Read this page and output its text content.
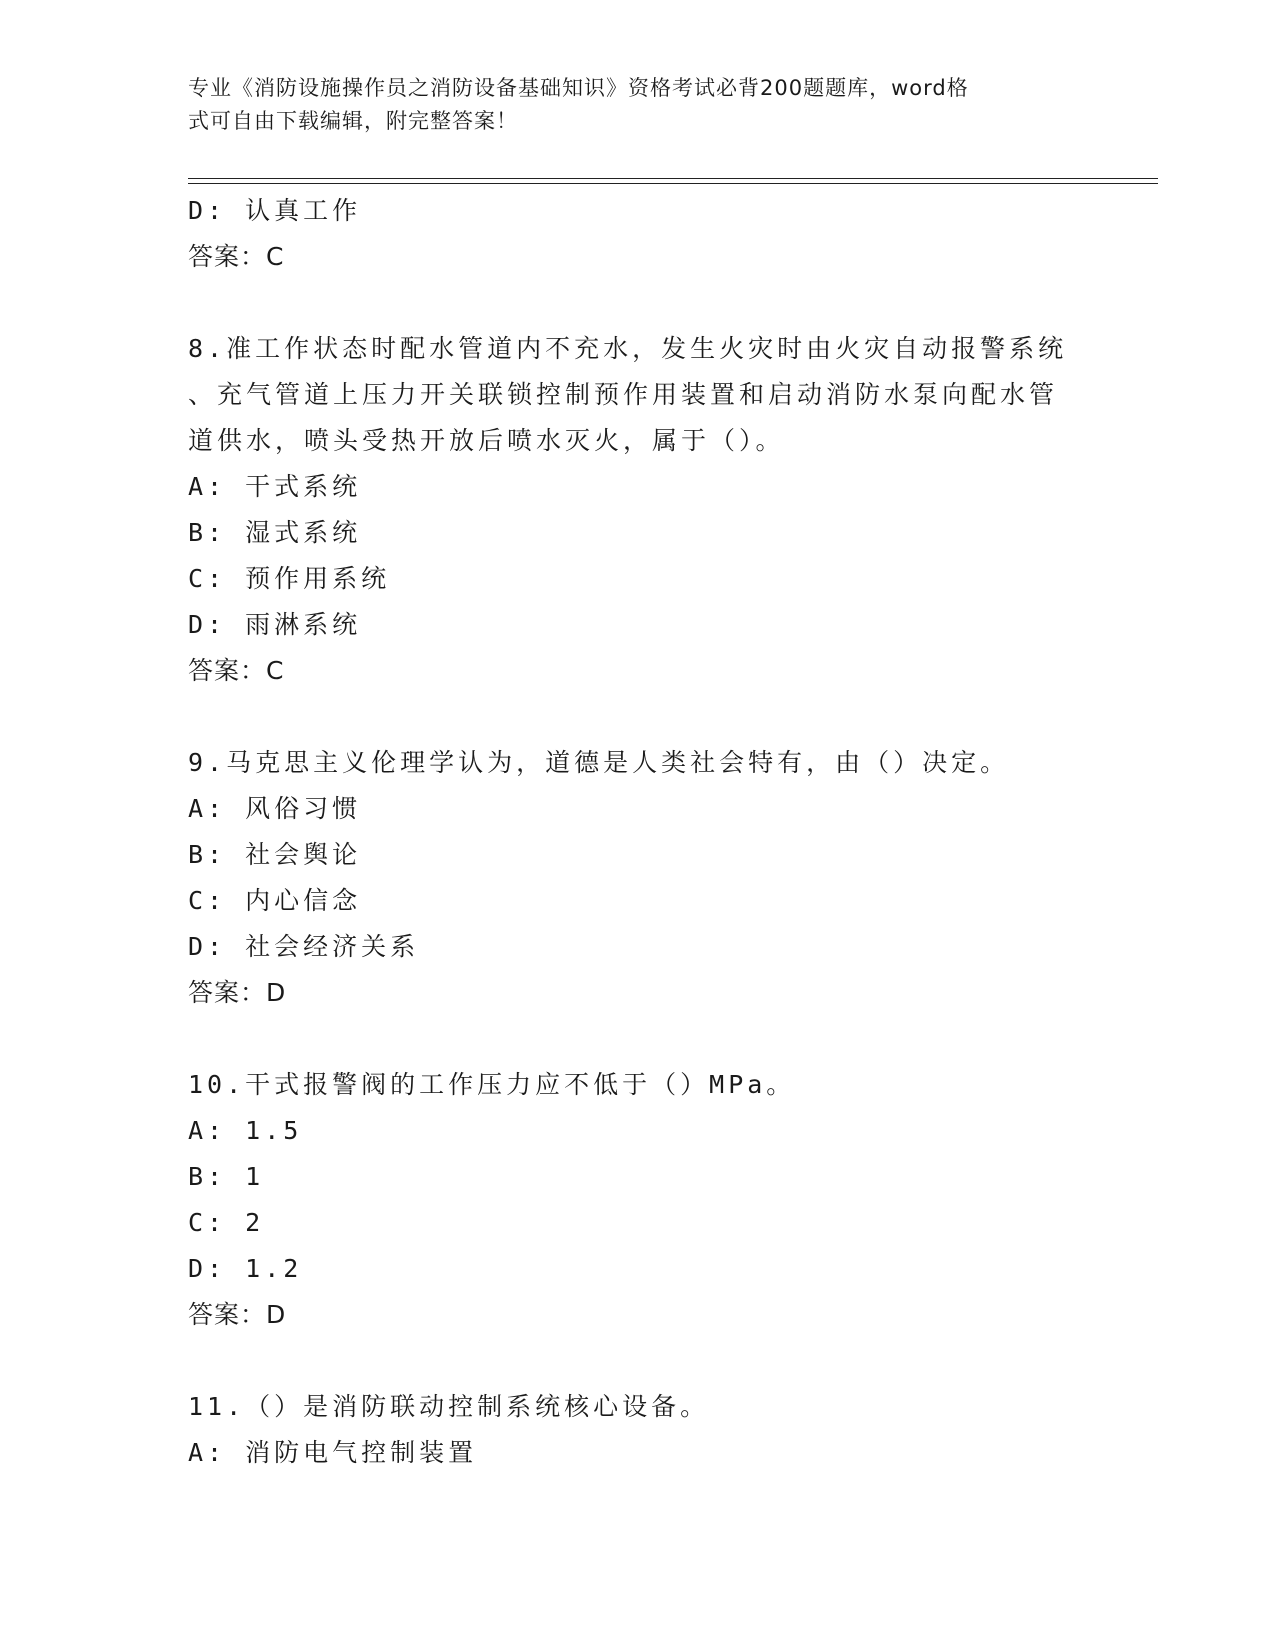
专业《消防设施操作员之消防设备基础知识》资格考试必背200题题库，word格
式可自由下载编辑，附完整答案！
D: 认真工作
答案：C
8.准工作状态时配水管道内不充水，发生火灾时由火灾自动报警系统
、充气管道上压力开关联锁控制预作用装置和启动消防水泵向配水管
道供水，喷头受热开放后喷水灭火，属于（）。
A: 干式系统
B: 湿式系统
C: 预作用系统
D: 雨淋系统
答案：C
9.马克思主义伦理学认为，道德是人类社会特有，由（）决定。
A: 风俗习惯
B: 社会舆论
C: 内心信念
D: 社会经济关系
答案：D
10.干式报警阀的工作压力应不低于（）MPa。
A: 1.5
B: 1
C: 2
D: 1.2
答案：D
11.（）是消防联动控制系统核心设备。
A: 消防电气控制装置
